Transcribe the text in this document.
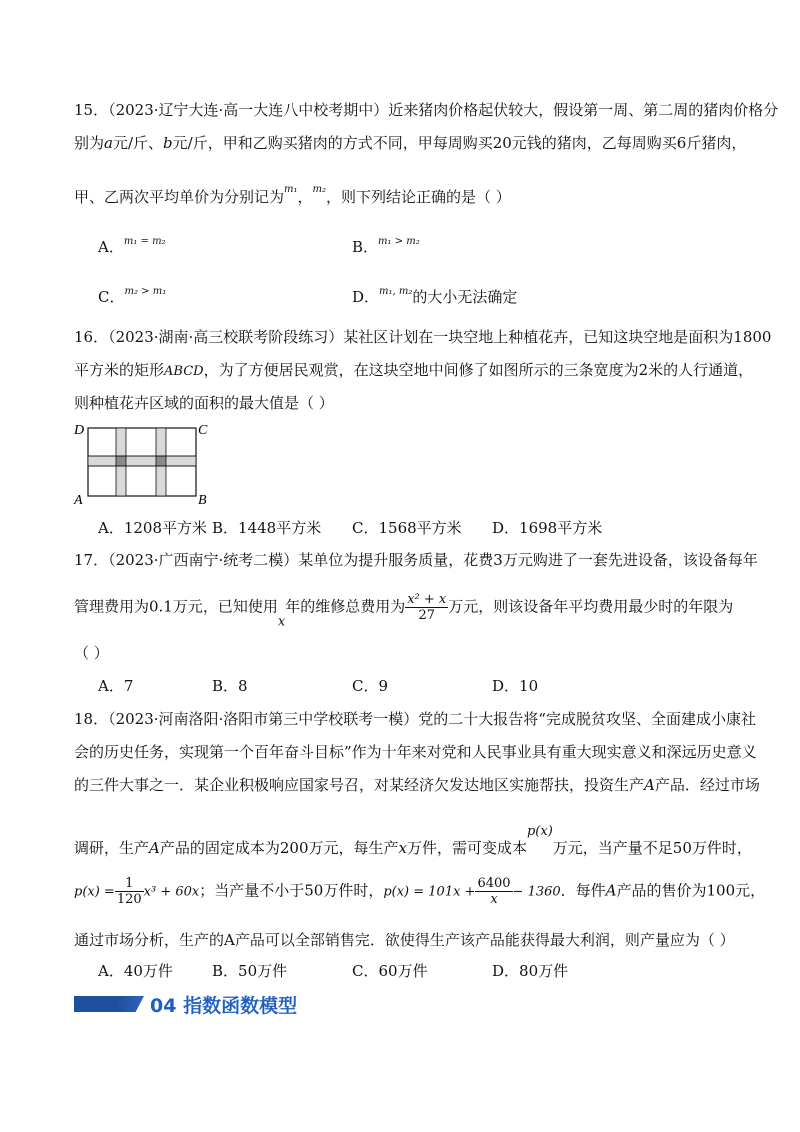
15．（2023·辽宁大连·高一大连八中校考期中）近来猪肉价格起伏较大，假设第一周、第二周的猪肉价格分
别为a元/斤、b元/斤，甲和乙购买猪肉的方式不同，甲每周购买20元钱的猪肉，乙每周购买6斤猪肉，
甲、乙两次平均单价为分别记为$^{m_1}$，$^{m_2}$，则下列结论正确的是（ ）
A．$^{m_1 = m_2}$	B．$^{m_1 > m_2}$
C．$^{m_2 > m_1}$	D．$^{m_1, m_2}$的大小无法确定
16．（2023·湖南·高三校联考阶段练习）某社区计划在一块空地上种植花卉，已知这块空地是面积为1800
平方米的矩形ABCD，为了方便居民观赏，在这块空地中间修了如图所示的三条宽度为2米的人行通道，
则种植花卉区域的面积的最大值是（ ）
D	C
A	B
A．1208平方米 B．1448平方米 C．1568平方米 D．1698平方米
17．（2023·广西南宁·统考二模）某单位为提升服务质量，花费3万元购进了一套先进设备，该设备每年
管理费用为0.1万元，已知使用x年的维修总费用为 $\frac{\text{x² + x}}{27}$ 万元，则该设备年平均费用最少时的年限为
（ ）
A．7	B．8	C．9	D．10
18．（2023·河南洛阳·洛阳市第三中学校联考一模）党的二十大报告将“完成脱贫攻坚、全面建成小康社
会的历史任务，实现第一个百年奋斗目标”作为十年来对党和人民事业具有重大现实意义和深远历史意义
的三件大事之一．某企业积极响应国家号召，对某经济欠发达地区实施帮扶，投资生产A产品．经过市场
调研，生产A产品的固定成本为200万元，每生产x万件，需可变成本p(x)万元，当产量不足50万件时，
$p(x) = \frac{1}{120} x^3 + 60x$；当产量不小于50万件时，$p(x) = 101x + \frac{6400}{x} - 1360$．每件A产品的售价为100元，
通过市场分析，生产的A产品可以全部销售完．欲使得生产该产品能获得最大利润，则产量应为（ ）
A．40万件	B．50万件	C．60万件	D．80万件
04 指数函数模型
